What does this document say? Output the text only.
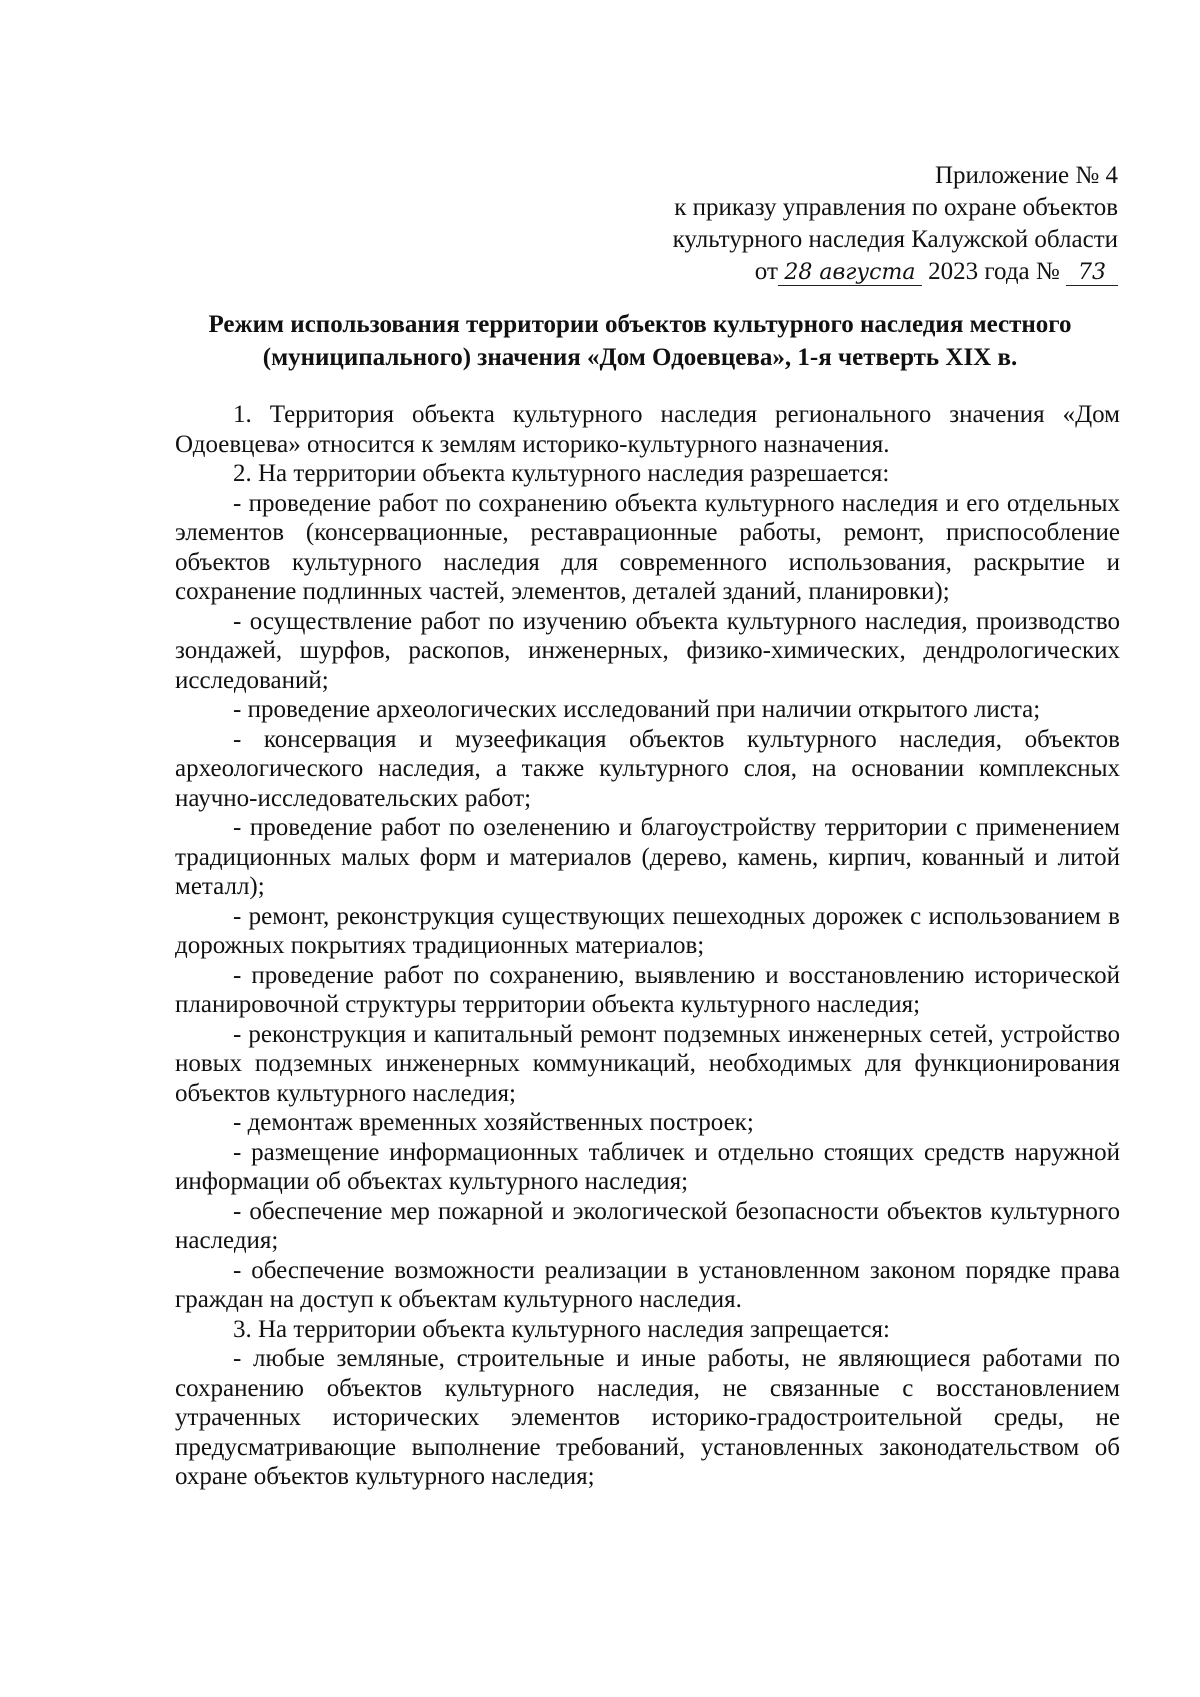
Приложение № 4
к приказу управления по охране объектов
культурного наследия Калужской области
от 28 августа 2023 года № 73
Режим использования территории объектов культурного наследия местного
(муниципального) значения «Дом Одоевцева», 1-я четверть XIX в.

1. Территория объекта культурного наследия регионального значения «Дом Одоевцева» относится к землям историко-культурного назначения.

2. На территории объекта культурного наследия разрешается:

- проведение работ по сохранению объекта культурного наследия и его отдельных элементов (консервационные, реставрационные работы, ремонт, приспособление объектов культурного наследия для современного использования, раскрытие и сохранение подлинных частей, элементов, деталей зданий, планировки);

- осуществление работ по изучению объекта культурного наследия, производство зондажей, шурфов, раскопов, инженерных, физико-химических, дендрологических исследований;

- проведение археологических исследований при наличии открытого листа;

- консервация и музеефикация объектов культурного наследия, объектов археологического наследия, а также культурного слоя, на основании комплексных научно-исследовательских работ;

- проведение работ по озеленению и благоустройству территории с применением традиционных малых форм и материалов (дерево, камень, кирпич, кованный и литой металл);

- ремонт, реконструкция существующих пешеходных дорожек с использованием в дорожных покрытиях традиционных материалов;

- проведение работ по сохранению, выявлению и восстановлению исторической планировочной структуры территории объекта культурного наследия;

- реконструкция и капитальный ремонт подземных инженерных сетей, устройство новых подземных инженерных коммуникаций, необходимых для функционирования объектов культурного наследия;

- демонтаж временных хозяйственных построек;

- размещение информационных табличек и отдельно стоящих средств наружной информации об объектах культурного наследия;

- обеспечение мер пожарной и экологической безопасности объектов культурного наследия;

- обеспечение возможности реализации в установленном законом порядке права граждан на доступ к объектам культурного наследия.

3. На территории объекта культурного наследия запрещается:

- любые земляные, строительные и иные работы, не являющиеся работами по сохранению объектов культурного наследия, не связанные с восстановлением утраченных исторических элементов историко-градостроительной среды, не предусматривающие выполнение требований, установленных законодательством об охране объектов культурного наследия;
